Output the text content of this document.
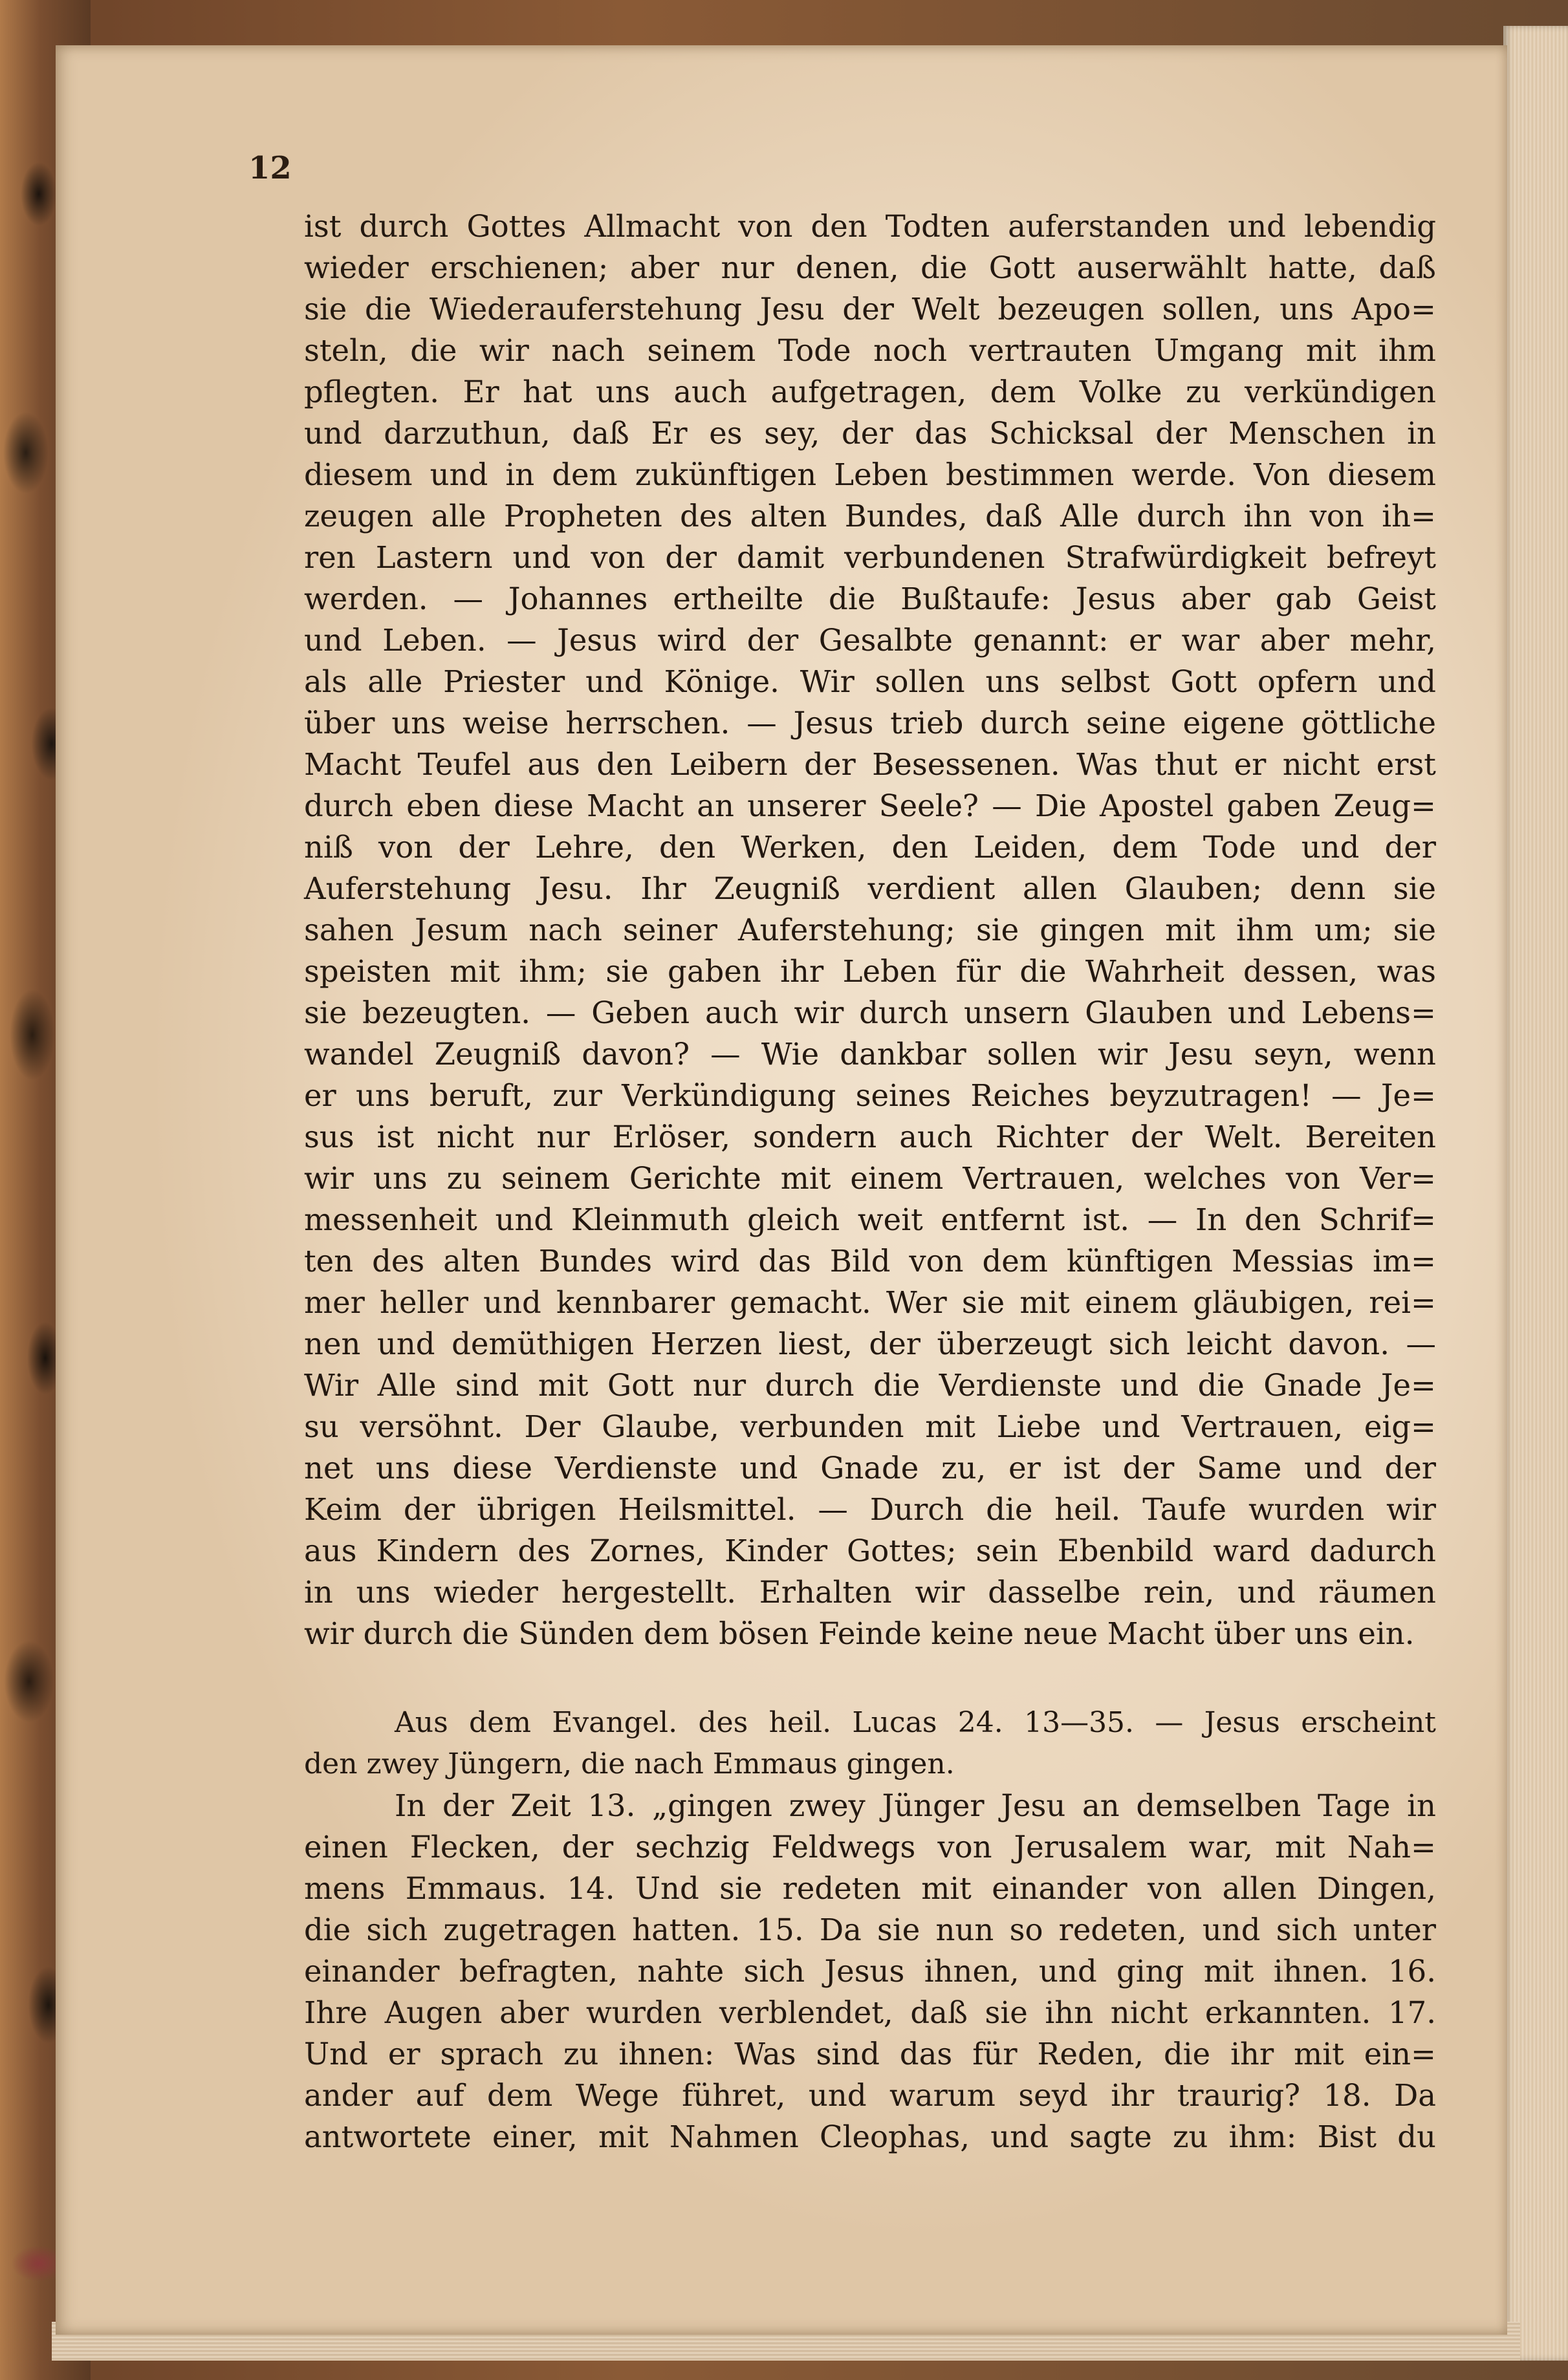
12
ist durch Gottes Allmacht von den Todten auferstanden und lebendig
wieder erschienen; aber nur denen, die Gott auserwählt hatte, daß
sie die Wiederauferstehung Jesu der Welt bezeugen sollen, uns Apo=
steln, die wir nach seinem Tode noch vertrauten Umgang mit ihm
pflegten. Er hat uns auch aufgetragen, dem Volke zu verkündigen
und darzuthun, daß Er es sey, der das Schicksal der Menschen in
diesem und in dem zukünftigen Leben bestimmen werde. Von diesem
zeugen alle Propheten des alten Bundes, daß Alle durch ihn von ih=
ren Lastern und von der damit verbundenen Strafwürdigkeit befreyt
werden. — Johannes ertheilte die Bußtaufe: Jesus aber gab Geist
und Leben. — Jesus wird der Gesalbte genannt: er war aber mehr,
als alle Priester und Könige. Wir sollen uns selbst Gott opfern und
über uns weise herrschen. — Jesus trieb durch seine eigene göttliche
Macht Teufel aus den Leibern der Besessenen. Was thut er nicht erst
durch eben diese Macht an unserer Seele? — Die Apostel gaben Zeug=
niß von der Lehre, den Werken, den Leiden, dem Tode und der
Auferstehung Jesu. Ihr Zeugniß verdient allen Glauben; denn sie
sahen Jesum nach seiner Auferstehung; sie gingen mit ihm um; sie
speisten mit ihm; sie gaben ihr Leben für die Wahrheit dessen, was
sie bezeugten. — Geben auch wir durch unsern Glauben und Lebens=
wandel Zeugniß davon? — Wie dankbar sollen wir Jesu seyn, wenn
er uns beruft, zur Verkündigung seines Reiches beyzutragen! — Je=
sus ist nicht nur Erlöser, sondern auch Richter der Welt. Bereiten
wir uns zu seinem Gerichte mit einem Vertrauen, welches von Ver=
messenheit und Kleinmuth gleich weit entfernt ist. — In den Schrif=
ten des alten Bundes wird das Bild von dem künftigen Messias im=
mer heller und kennbarer gemacht. Wer sie mit einem gläubigen, rei=
nen und demüthigen Herzen liest, der überzeugt sich leicht davon. —
Wir Alle sind mit Gott nur durch die Verdienste und die Gnade Je=
su versöhnt. Der Glaube, verbunden mit Liebe und Vertrauen, eig=
net uns diese Verdienste und Gnade zu, er ist der Same und der
Keim der übrigen Heilsmittel. — Durch die heil. Taufe wurden wir
aus Kindern des Zornes, Kinder Gottes; sein Ebenbild ward dadurch
in uns wieder hergestellt. Erhalten wir dasselbe rein, und räumen
wir durch die Sünden dem bösen Feinde keine neue Macht über uns ein.
Aus dem Evangel. des heil. Lucas 24. 13—35. — Jesus erscheint
den zwey Jüngern, die nach Emmaus gingen.
In der Zeit 13. „gingen zwey Jünger Jesu an demselben Tage in
einen Flecken, der sechzig Feldwegs von Jerusalem war, mit Nah=
mens Emmaus. 14. Und sie redeten mit einander von allen Dingen,
die sich zugetragen hatten. 15. Da sie nun so redeten, und sich unter
einander befragten, nahte sich Jesus ihnen, und ging mit ihnen. 16.
Ihre Augen aber wurden verblendet, daß sie ihn nicht erkannten. 17.
Und er sprach zu ihnen: Was sind das für Reden, die ihr mit ein=
ander auf dem Wege führet, und warum seyd ihr traurig? 18. Da
antwortete einer, mit Nahmen Cleophas, und sagte zu ihm: Bist du
